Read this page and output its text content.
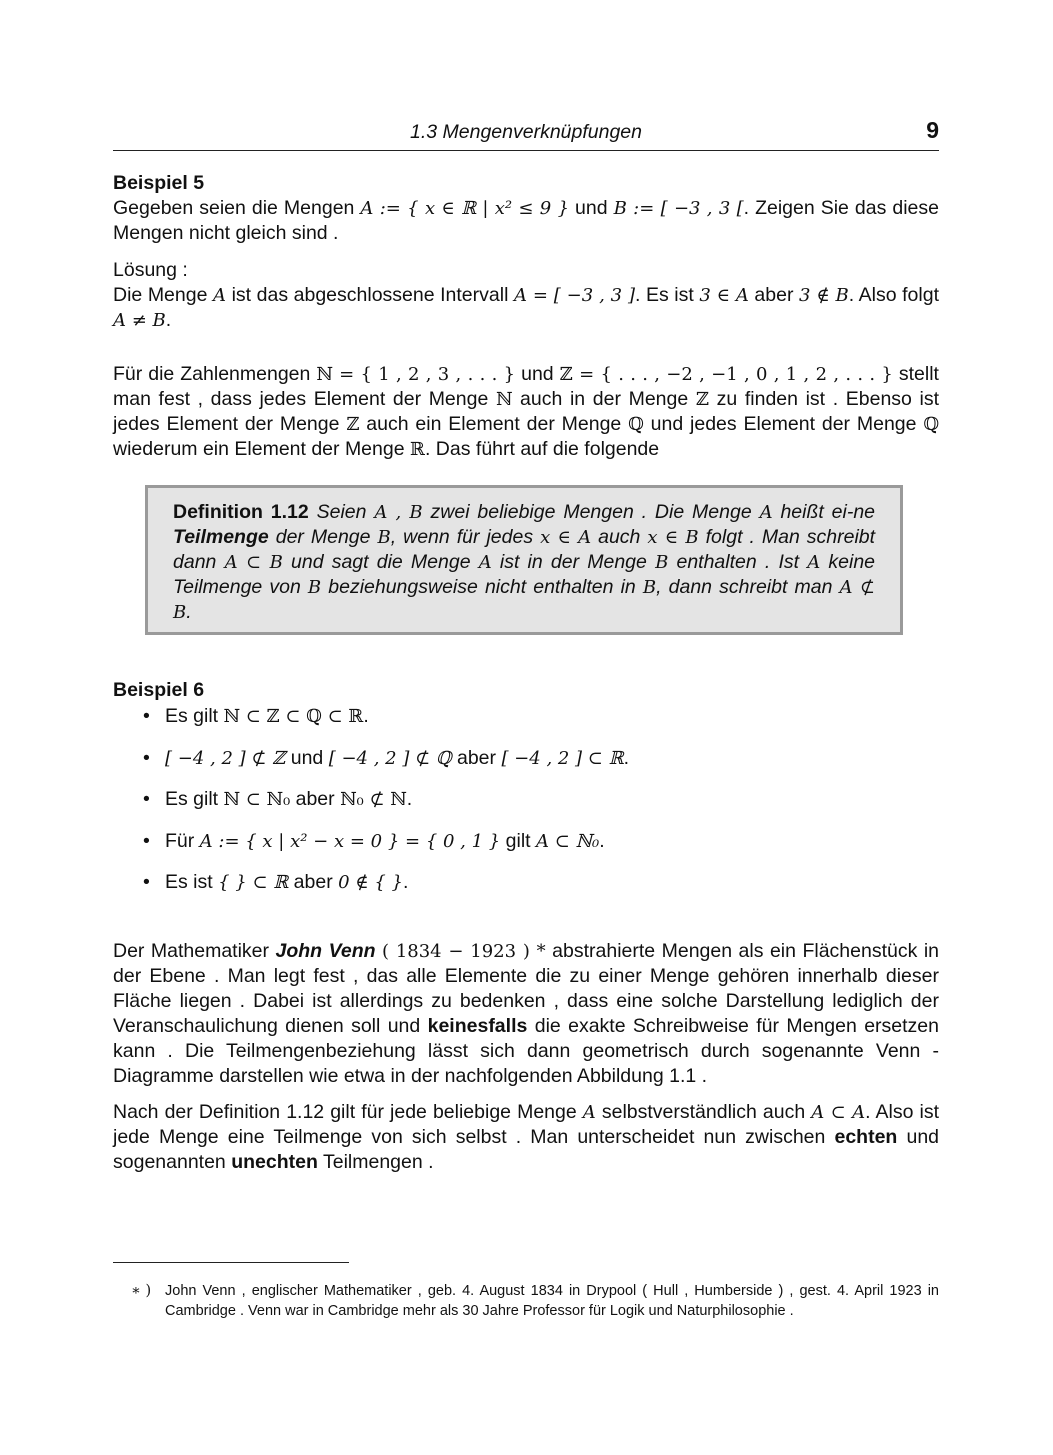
1.3 Mengenverknüpfungen	9
Beispiel 5
Gegeben seien die Mengen A := { x ∈ ℝ | x² ≤ 9 } und B := [ −3 , 3 [. Zeigen Sie das diese Mengen nicht gleich sind .
Lösung :
Die Menge A ist das abgeschlossene Intervall A = [ −3 , 3 ]. Es ist 3 ∈ A aber 3 ∉ B. Also folgt A ≠ B.
Für die Zahlenmengen ℕ = { 1 , 2 , 3 , . . . } und ℤ = { . . . , −2 , −1 , 0 , 1 , 2 , . . . } stellt man fest , dass jedes Element der Menge ℕ auch in der Menge ℤ zu finden ist . Ebenso ist jedes Element der Menge ℤ auch ein Element der Menge ℚ und jedes Element der Menge ℚ wiederum ein Element der Menge ℝ. Das führt auf die folgende
Definition 1.12 Seien A , B zwei beliebige Mengen . Die Menge A heißt ei-ne Teilmenge der Menge B, wenn für jedes x ∈ A auch x ∈ B folgt . Man schreibt dann A ⊂ B und sagt die Menge A ist in der Menge B enthalten . Ist A keine Teilmenge von B beziehungsweise nicht enthalten in B, dann schreibt man A ⊄ B.
Beispiel 6
• Es gilt ℕ ⊂ ℤ ⊂ ℚ ⊂ ℝ.
• [ −4 , 2 ] ⊄ ℤ und [ −4 , 2 ] ⊄ ℚ aber [ −4 , 2 ] ⊂ ℝ.
• Es gilt ℕ ⊂ ℕ₀ aber ℕ₀ ⊄ ℕ.
• Für A := { x | x² − x = 0 } = { 0 , 1 } gilt A ⊂ ℕ₀.
• Es ist { } ⊂ ℝ aber 0 ∉ { }.
Der Mathematiker John Venn ( 1834 − 1923 ) * abstrahierte Mengen als ein Flächenstück in der Ebene . Man legt fest , das alle Elemente die zu einer Menge gehören innerhalb dieser Fläche liegen . Dabei ist allerdings zu bedenken , dass eine solche Darstellung lediglich der Veranschaulichung dienen soll und keinesfalls die exakte Schreibweise für Mengen ersetzen kann . Die Teilmengenbeziehung lässt sich dann geometrisch durch sogenannte Venn - Diagramme darstellen wie etwa in der nachfolgenden Abbildung 1.1 .
Nach der Definition 1.12 gilt für jede beliebige Menge A selbstverständlich auch A ⊂ A. Also ist jede Menge eine Teilmenge von sich selbst . Man unterscheidet nun zwischen echten und sogenannten unechten Teilmengen .
∗ ) John Venn , englischer Mathematiker , geb. 4. August 1834 in Drypool ( Hull , Humberside ) , gest. 4. April 1923 in Cambridge . Venn war in Cambridge mehr als 30 Jahre Professor für Logik und Naturphilosophie .
